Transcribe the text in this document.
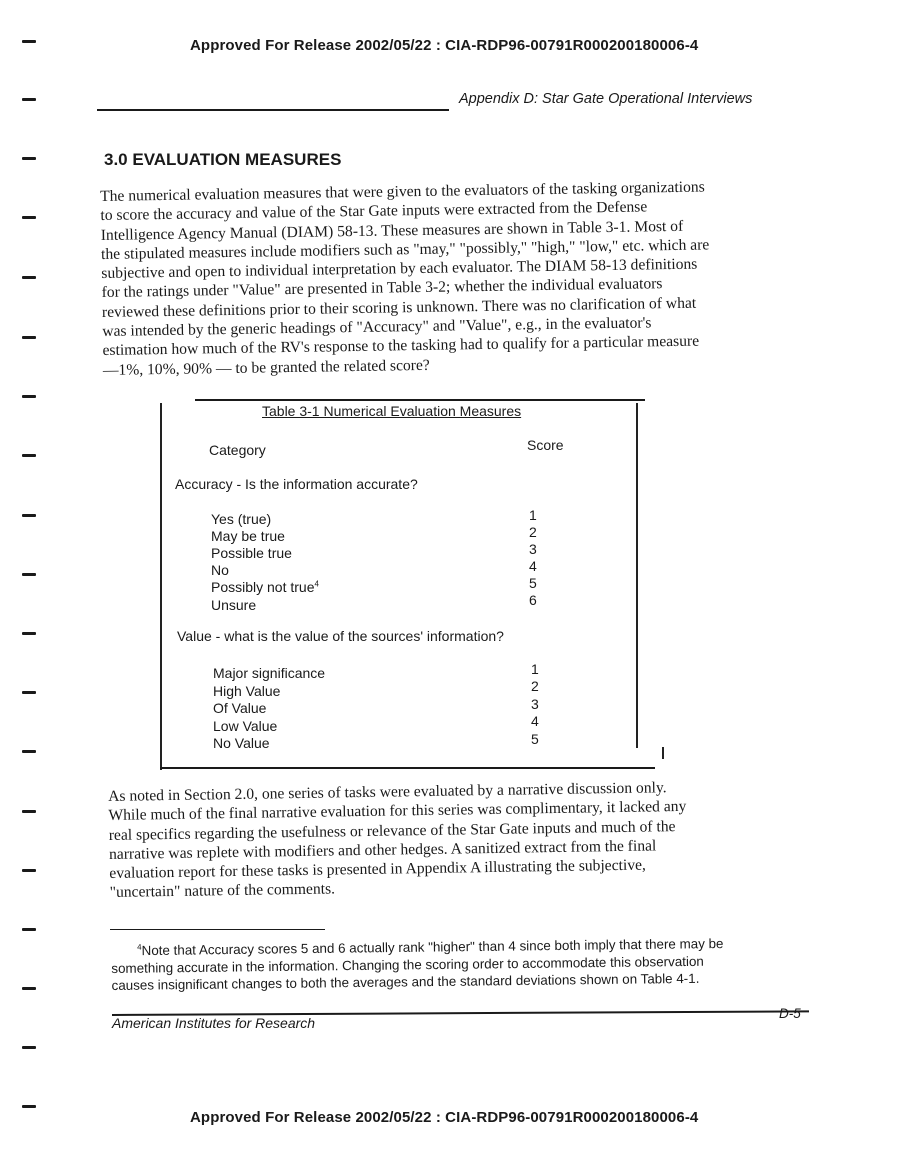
Approved For Release 2002/05/22 : CIA-RDP96-00791R000200180006-4
Appendix D: Star Gate Operational Interviews
3.0 EVALUATION MEASURES
The numerical evaluation measures that were given to the evaluators of the tasking organizations
to score the accuracy and value of the Star Gate inputs were extracted from the Defense
Intelligence Agency Manual (DIAM) 58-13. These measures are shown in Table 3-1. Most of
the stipulated measures include modifiers such as "may," "possibly," "high," "low," etc. which are
subjective and open to individual interpretation by each evaluator. The DIAM 58-13 definitions
for the ratings under "Value" are presented in Table 3-2; whether the individual evaluators
reviewed these definitions prior to their scoring is unknown. There was no clarification of what
was intended by the generic headings of "Accuracy" and "Value", e.g., in the evaluator's
estimation how much of the RV's response to the tasking had to qualify for a particular measure
—1%, 10%, 90% — to be granted the related score?
Table 3-1 Numerical Evaluation Measures
Category	Score
Accuracy - Is the information accurate?
Yes (true)
May be true
Possible true
No
Possibly not true$^4$
Unsure
1
2
3
4
5
6
Value - what is the value of the sources' information?
Major significance
High Value
Of Value
Low Value
No Value
1
2
3
4
5
As noted in Section 2.0, one series of tasks were evaluated by a narrative discussion only.
While much of the final narrative evaluation for this series was complimentary, it lacked any
real specifics regarding the usefulness or relevance of the Star Gate inputs and much of the
narrative was replete with modifiers and other hedges. A sanitized extract from the final
evaluation report for these tasks is presented in Appendix A illustrating the subjective,
"uncertain" nature of the comments.
$^4$Note that Accuracy scores 5 and 6 actually rank "higher" than 4 since both imply that there may be
something accurate in the information. Changing the scoring order to accommodate this observation
causes insignificant changes to both the averages and the standard deviations shown on Table 4-1.
American Institutes for Research
D-5
Approved For Release 2002/05/22 : CIA-RDP96-00791R000200180006-4
